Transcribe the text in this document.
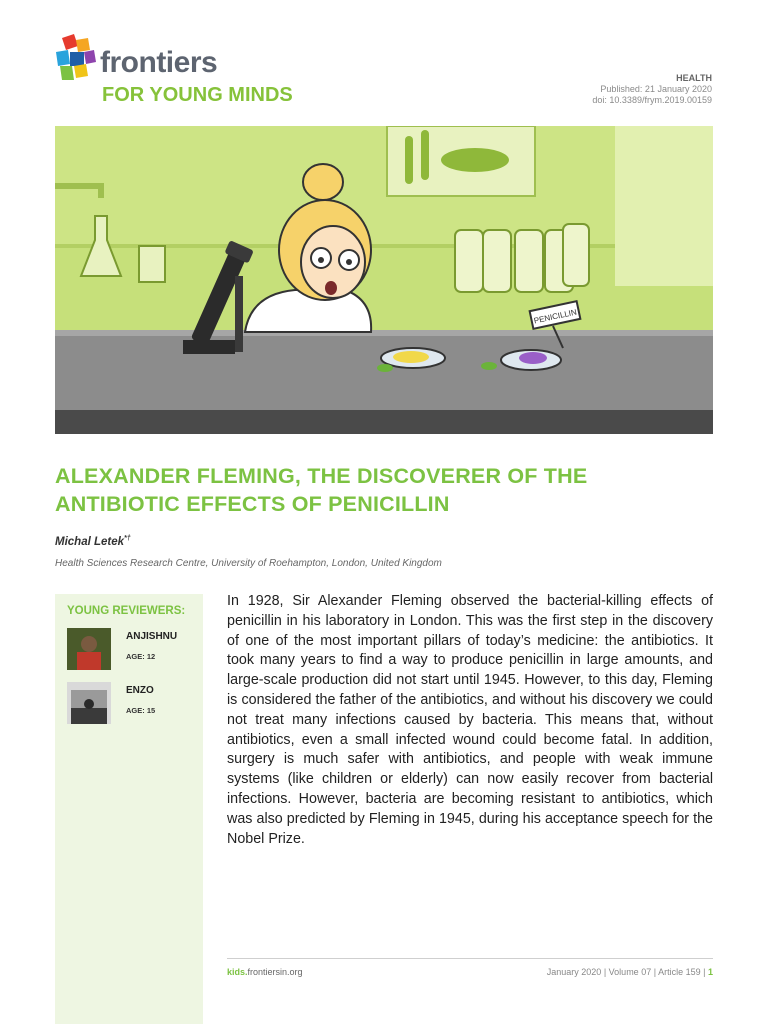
frontiers
FOR YOUNG MINDS
HEALTH
Published: 21 January 2020
doi: 10.3389/frym.2019.00159
PENICILLIN
ALEXANDER FLEMING, THE DISCOVERER OF THE ANTIBIOTIC EFFECTS OF PENICILLIN
Michal Letek*†
Health Sciences Research Centre, University of Roehampton, London, United Kingdom
YOUNG REVIEWERS:
ANJISHNU
AGE: 12
ENZO
AGE: 15

In 1928, Sir Alexander Fleming observed the bacterial-killing effects of penicillin in his laboratory in London. This was the first step in the discovery of one of the most important pillars of today’s medicine: the antibiotics. It took many years to find a way to produce penicillin in large amounts, and large-scale production did not start until 1945. However, to this day, Fleming is considered the father of the antibiotics, and without his discovery we could not treat many infections caused by bacteria. This means that, without antibiotics, even a small infected wound could become fatal. In addition, surgery is much safer with antibiotics, and people with weak immune systems (like children or elderly) can now easily recover from bacterial infections. However, bacteria are becoming resistant to antibiotics, which was also predicted by Fleming in 1945, during his acceptance speech for the Nobel Prize.

kids.frontiersin.org	January 2020 | Volume 07 | Article 159 | 1
